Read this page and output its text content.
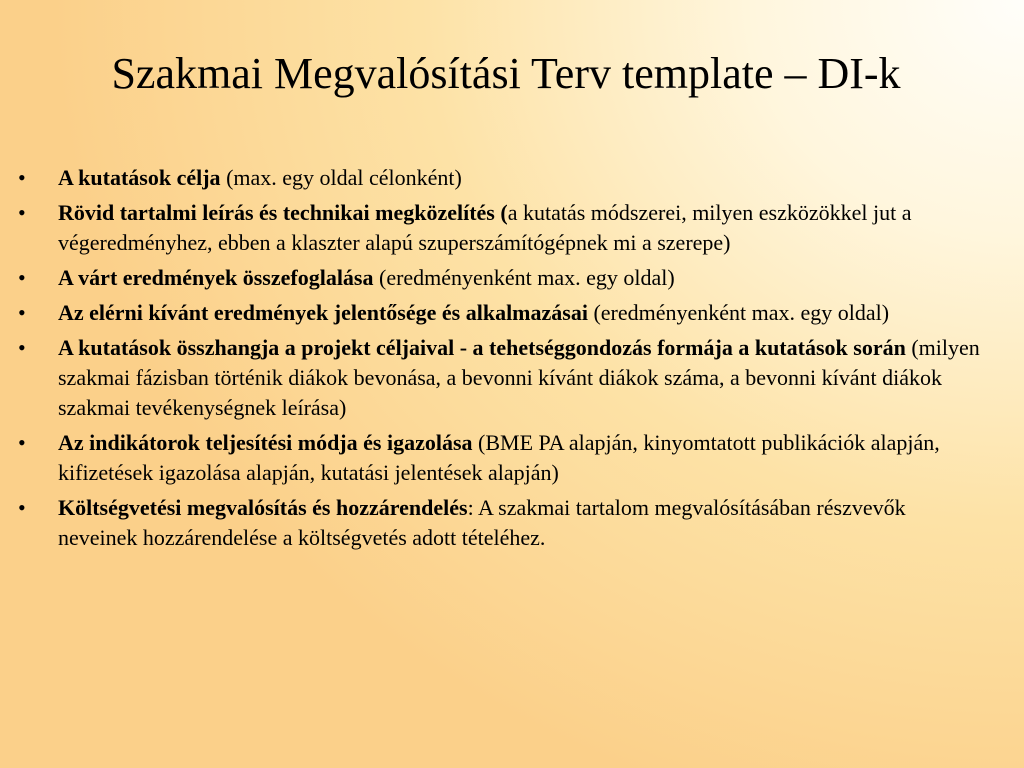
Szakmai Megvalósítási Terv template – DI-k
•	A kutatások célja (max. egy oldal célonként)
•	Rövid tartalmi leírás és technikai megközelítés (a kutatás módszerei, milyen eszközökkel jut a végeredményhez, ebben a klaszter alapú szuperszámítógépnek mi a szerepe)
•	A várt eredmények összefoglalása (eredményenként max. egy oldal)
•	Az elérni kívánt eredmények jelentősége és alkalmazásai (eredményenként max. egy oldal)
•	A kutatások összhangja a projekt céljaival - a tehetséggondozás formája a kutatások során (milyen szakmai fázisban történik diákok bevonása, a bevonni kívánt diákok száma, a bevonni kívánt diákok szakmai tevékenységnek leírása)
•	Az indikátorok teljesítési módja és igazolása (BME PA alapján, kinyomtatott publikációk alapján, kifizetések igazolása alapján, kutatási jelentések alapján)
•	Költségvetési megvalósítás és hozzárendelés: A szakmai tartalom megvalósításában részvevők neveinek hozzárendelése a költségvetés adott tételéhez.
